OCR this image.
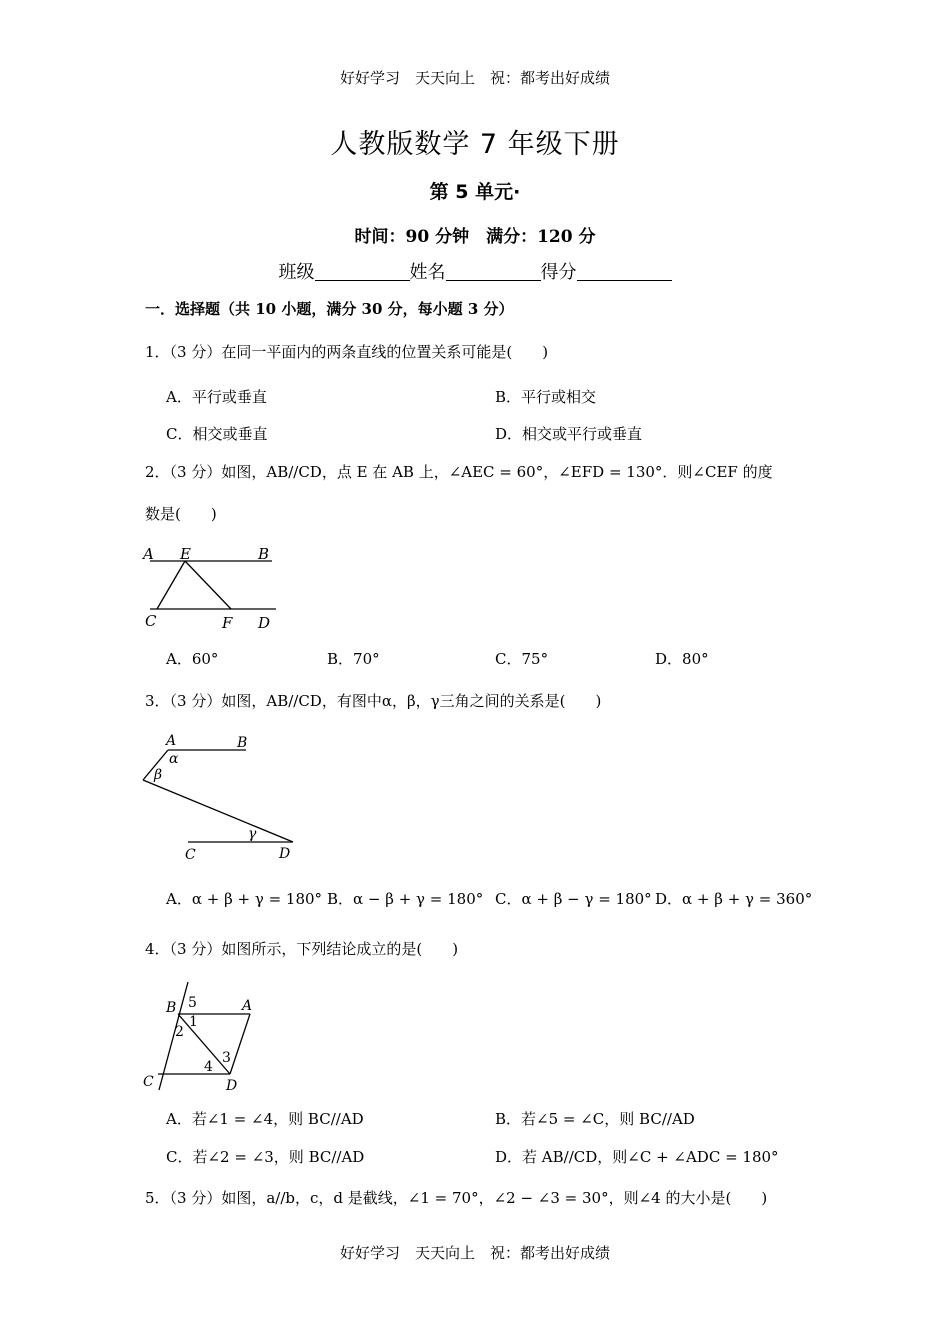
好好学习　天天向上　祝：都考出好成绩
人教版数学 7 年级下册
第 5 单元·
时间：90 分钟　满分：120 分
班级	姓名	得分
一．选择题（共 10 小题，满分 30 分，每小题 3 分）
1．（3 分）在同一平面内的两条直线的位置关系可能是(　　)
A．平行或垂直	B．平行或相交
C．相交或垂直	D．相交或平行或垂直
2．（3 分）如图，AB//CD，点 E 在 AB 上，∠AEC = 60°，∠EFD = 130°．则∠CEF 的度
数是(　　)
A E	B
C	F D
A．60°	B．70°	C．75°	D．80°
3．（3 分）如图，AB//CD，有图中α，β，γ三角之间的关系是(　　)
A	B
α
β
γ
C	D
A．α + β + γ = 180° B．α − β + γ = 180° C．α + β − γ = 180° D．α + β + γ = 360°
4．（3 分）如图所示，下列结论成立的是(　　)
B 5	A
2
1
3
4
C	D
A．若∠1 = ∠4，则 BC//AD	B．若∠5 = ∠C，则 BC//AD
C．若∠2 = ∠3，则 BC//AD	D．若 AB//CD，则∠C + ∠ADC = 180°
5．（3 分）如图，a//b，c，d 是截线，∠1 = 70°，∠2 − ∠3 = 30°，则∠4 的大小是(　　)
好好学习　天天向上　祝：都考出好成绩
